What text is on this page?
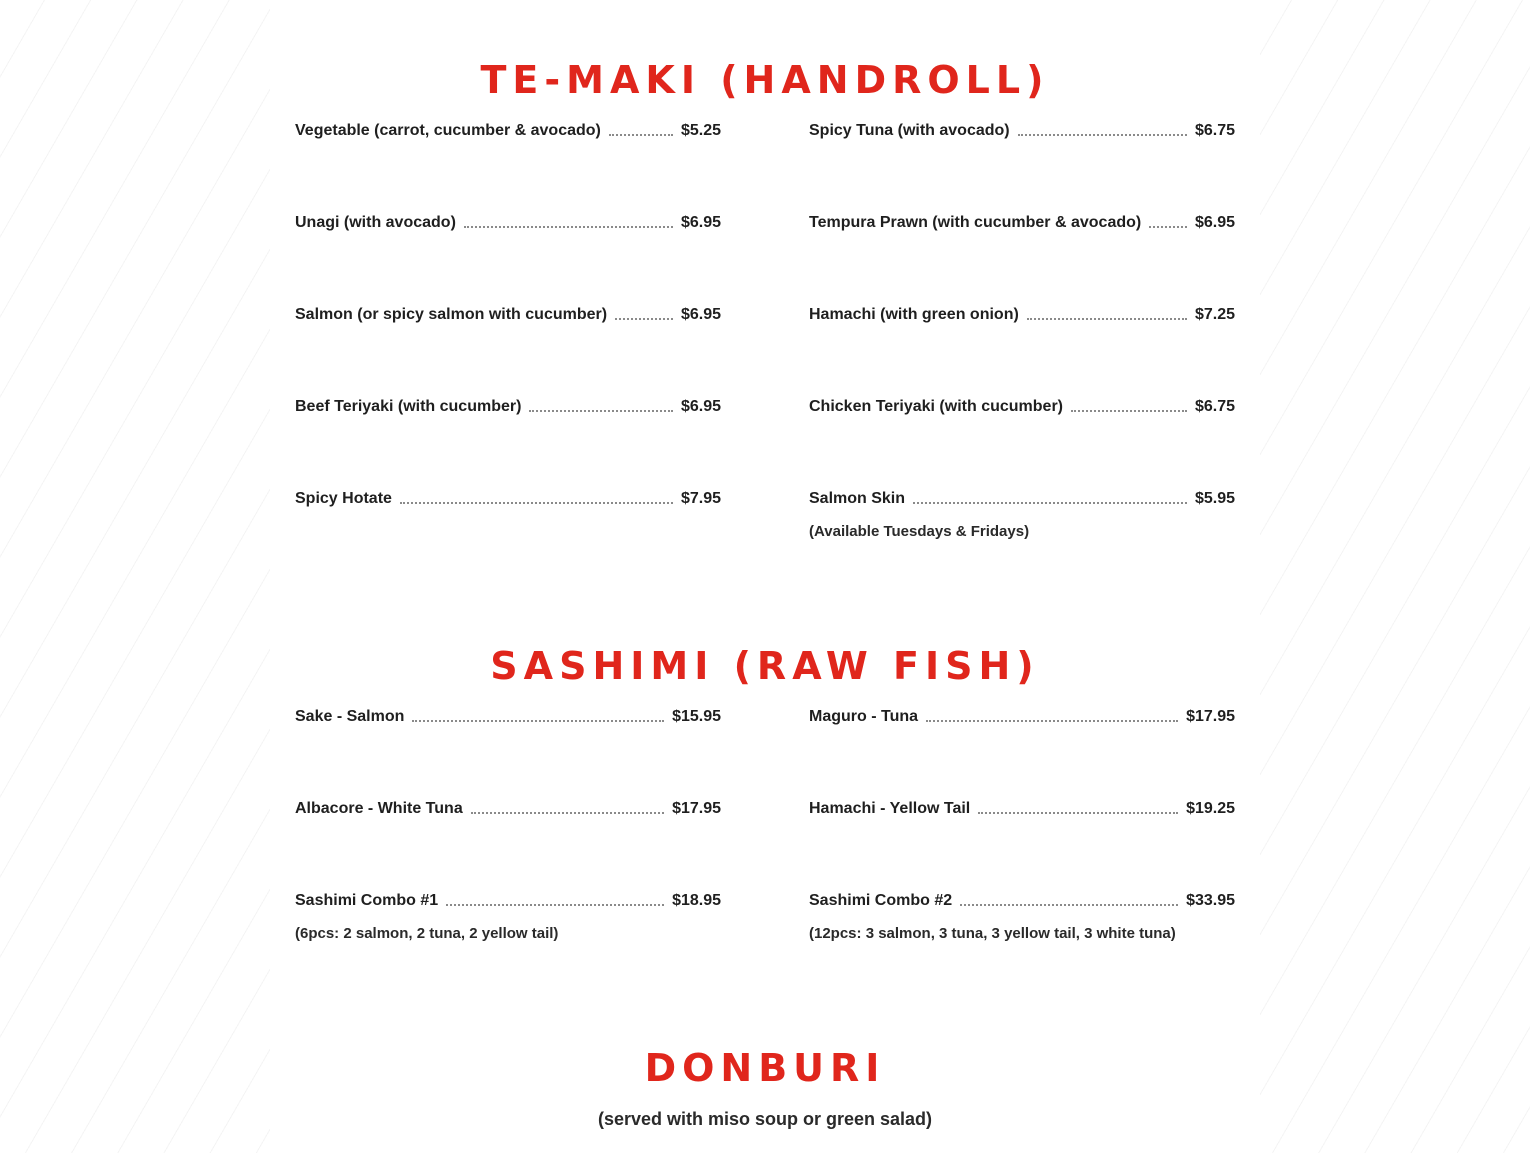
TE-MAKI (HANDROLL)
Vegetable (carrot, cucumber & avocado)	$5.25
Unagi (with avocado)	$6.95
Salmon (or spicy salmon with cucumber)	$6.95
Beef Teriyaki (with cucumber)	$6.95
Spicy Hotate	$7.95
Spicy Tuna (with avocado)	$6.75
Tempura Prawn (with cucumber & avocado)	$6.95
Hamachi (with green onion)	$7.25
Chicken Teriyaki (with cucumber)	$6.75
Salmon Skin	$5.95
(Available Tuesdays & Fridays)
SASHIMI (RAW FISH)
Sake - Salmon	$15.95
Albacore - White Tuna	$17.95
Sashimi Combo #1	$18.95
(6pcs: 2 salmon, 2 tuna, 2 yellow tail)
Maguro - Tuna	$17.95
Hamachi - Yellow Tail	$19.25
Sashimi Combo #2	$33.95
(12pcs: 3 salmon, 3 tuna, 3 yellow tail, 3 white tuna)
DONBURI
(served with miso soup or green salad)
